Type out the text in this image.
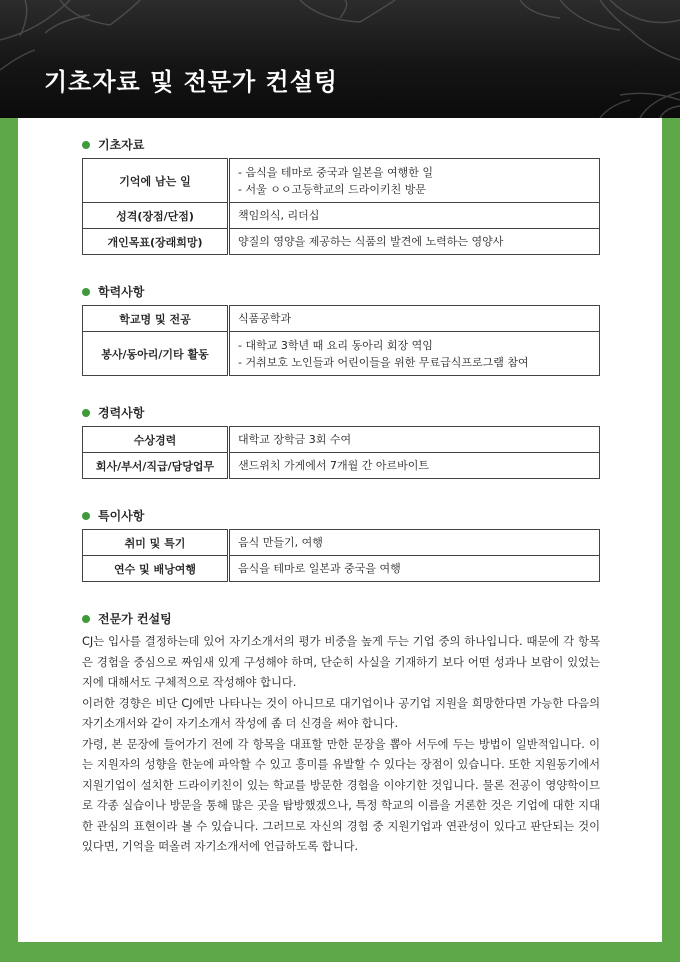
기초자료 및 전문가 컨설팅
기초자료
기억에 남는 일	- 음식을 테마로 중국과 일본을 여행한 일
- 서울 ㅇㅇ고등학교의 드라이키친 방문

성격(장점/단점)	책임의식, 리더십
개인목표(장래희망)	양질의 영양을 제공하는 식품의 발견에 노력하는 영양사
학력사항
학교명 및 전공	식품공학과
봉사/동아리/기타 활동	- 대학교 3학년 때 요리 동아리 회장 역임
- 거취보호 노인들과 어린이들을 위한 무료급식프로그램 참여
경력사항
수상경력	대학교 장학금 3회 수여
회사/부서/직급/담당업무	샌드위치 가게에서 7개월 간 아르바이트
특이사항
취미 및 특기	음식 만들기, 여행
연수 및 배낭여행	음식을 테마로 일본과 중국을 여행
전문가 컨설팅

CJ는 입사를 결정하는데 있어 자기소개서의 평가 비중을 높게 두는 기업 중의 하나입니다. 때문에 각 항목은 경험을 중심으로 짜임새 있게 구성해야 하며, 단순히 사실을 기재하기 보다 어떤 성과나 보람이 있었는지에 대해서도 구체적으로 작성해야 합니다.

이러한 경향은 비단 CJ에만 나타나는 것이 아니므로 대기업이나 공기업 지원을 희망한다면 가능한 다음의 자기소개서와 같이 자기소개서 작성에 좀 더 신경을 써야 합니다.

가령, 본 문장에 들어가기 전에 각 항목을 대표할 만한 문장을 뽑아 서두에 두는 방법이 일반적입니다. 이는 지원자의 성향을 한눈에 파악할 수 있고 흥미를 유발할 수 있다는 장점이 있습니다. 또한 지원동기에서 지원기업이 설치한 드라이키친이 있는 학교를 방문한 경험을 이야기한 것입니다. 물론 전공이 영양학이므로 각종 실습이나 방문을 통해 많은 곳을 탐방했겠으나, 특정 학교의 이름을 거론한 것은 기업에 대한 지대한 관심의 표현이라 볼 수 있습니다. 그러므로 자신의 경험 중 지원기업과 연관성이 있다고 판단되는 것이 있다면, 기억을 떠올려 자기소개서에 언급하도록 합니다.
